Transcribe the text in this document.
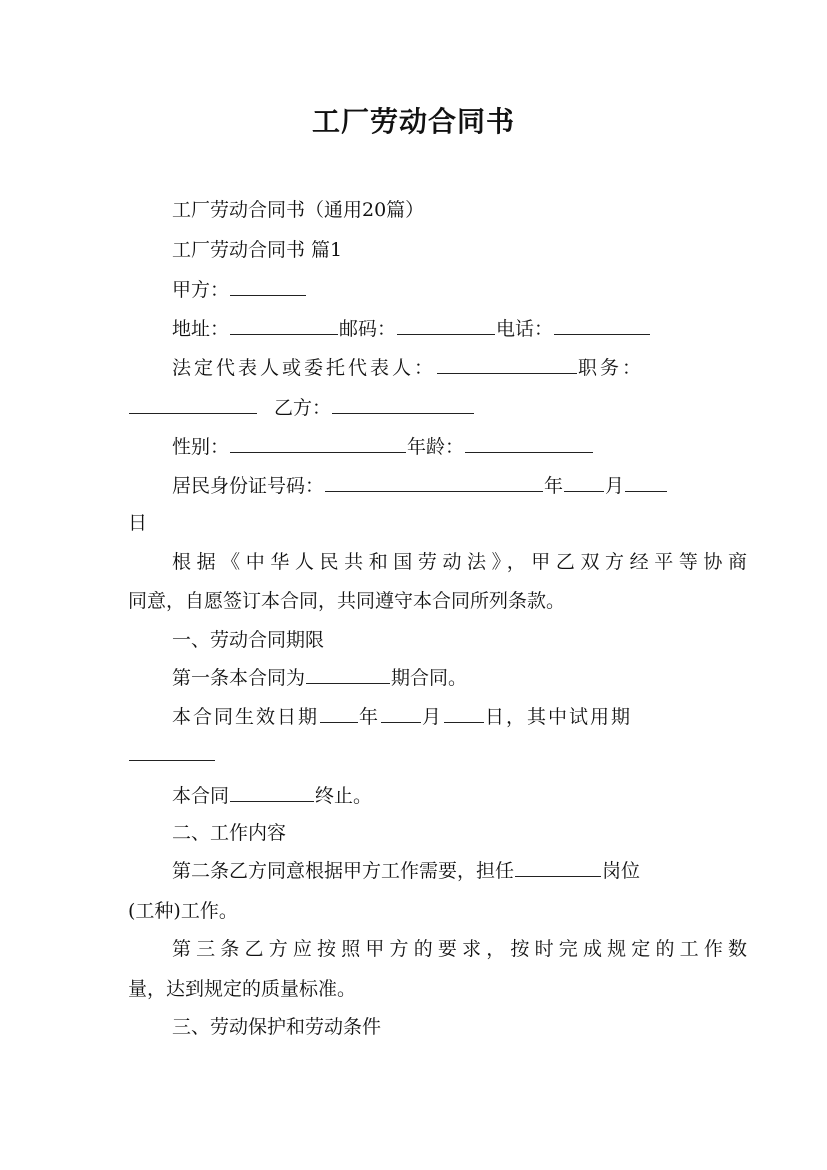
工厂劳动合同书
工厂劳动合同书（通用20篇）
工厂劳动合同书 篇1
甲方：
地址：	邮码：	电话：
法定代表人或委托代表人：	职务：
乙方：
性别：	年龄：
居民身份证号码：	年 月
日
根据《中华人民共和国劳动法》，甲乙双方经平等协商
同意，自愿签订本合同，共同遵守本合同所列条款。
一、劳动合同期限
第一条本合同为	期合同。
本合同生效日期 年 月 日，其中试用期
本合同	终止。
二、工作内容
第二条乙方同意根据甲方工作需要，担任	岗位
(工种)工作。
第三条乙方应按照甲方的要求，按时完成规定的工作数
量，达到规定的质量标准。
三、劳动保护和劳动条件
